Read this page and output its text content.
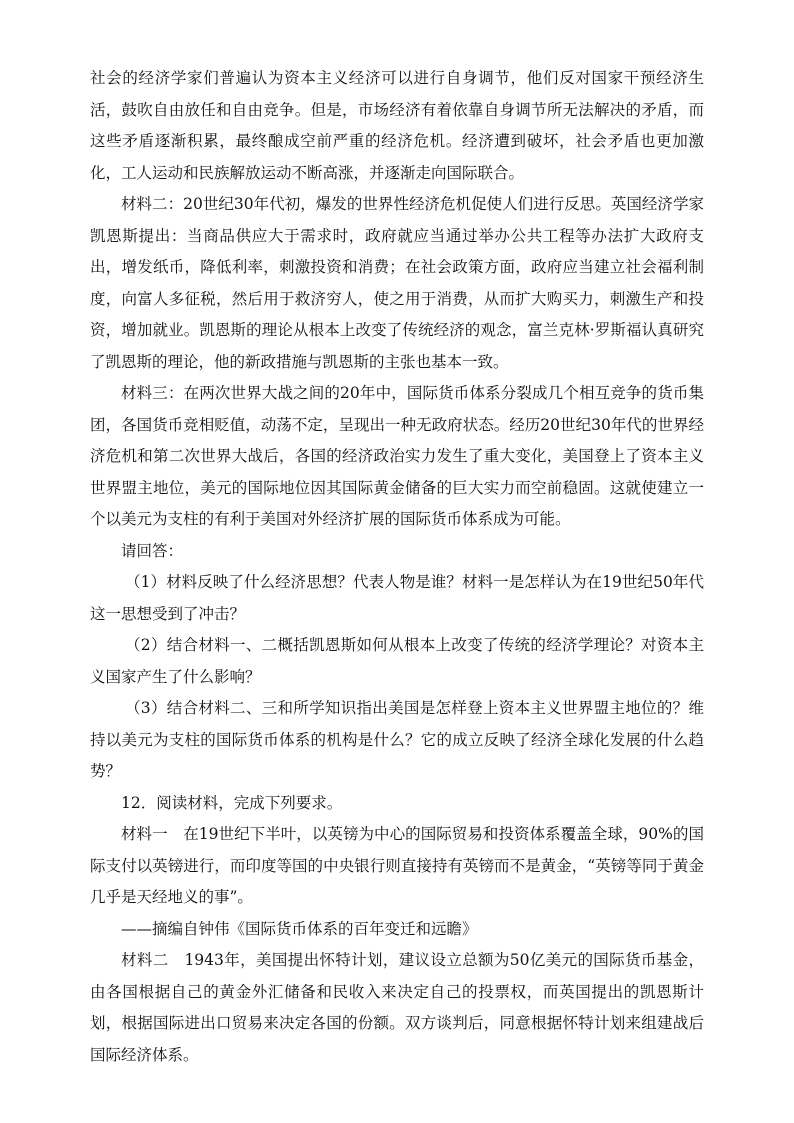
社会的经济学家们普遍认为资本主义经济可以进行自身调节，他们反对国家干预经济生活，鼓吹自由放任和自由竞争。但是，市场经济有着依靠自身调节所无法解决的矛盾，而这些矛盾逐渐积累，最终酿成空前严重的经济危机。经济遭到破坏，社会矛盾也更加激化，工人运动和民族解放运动不断高涨，并逐渐走向国际联合。

材料二：20世纪30年代初，爆发的世界性经济危机促使人们进行反思。英国经济学家凯恩斯提出：当商品供应大于需求时，政府就应当通过举办公共工程等办法扩大政府支出，增发纸币，降低利率，刺激投资和消费；在社会政策方面，政府应当建立社会福利制度，向富人多征税，然后用于救济穷人，使之用于消费，从而扩大购买力，刺激生产和投资，增加就业。凯恩斯的理论从根本上改变了传统经济的观念，富兰克林·罗斯福认真研究了凯恩斯的理论，他的新政措施与凯恩斯的主张也基本一致。

材料三：在两次世界大战之间的20年中，国际货币体系分裂成几个相互竞争的货币集团，各国货币竞相贬值，动荡不定，呈现出一种无政府状态。经历20世纪30年代的世界经济危机和第二次世界大战后，各国的经济政治实力发生了重大变化，美国登上了资本主义世界盟主地位，美元的国际地位因其国际黄金储备的巨大实力而空前稳固。这就使建立一个以美元为支柱的有利于美国对外经济扩展的国际货币体系成为可能。

请回答：

（1）材料反映了什么经济思想？代表人物是谁？材料一是怎样认为在19世纪50年代这一思想受到了冲击？

（2）结合材料一、二概括凯恩斯如何从根本上改变了传统的经济学理论？对资本主义国家产生了什么影响？

（3）结合材料二、三和所学知识指出美国是怎样登上资本主义世界盟主地位的？维持以美元为支柱的国际货币体系的机构是什么？它的成立反映了经济全球化发展的什么趋势？

12．阅读材料，完成下列要求。

材料一　在19世纪下半叶，以英镑为中心的国际贸易和投资体系覆盖全球，90%的国际支付以英镑进行，而印度等国的中央银行则直接持有英镑而不是黄金，“英镑等同于黄金几乎是天经地义的事”。

——摘编自钟伟《国际货币体系的百年变迁和远瞻》

材料二　1943年，美国提出怀特计划，建议设立总额为50亿美元的国际货币基金，由各国根据自己的黄金外汇储备和民收入来决定自己的投票权，而英国提出的凯恩斯计划，根据国际进出口贸易来决定各国的份额。双方谈判后，同意根据怀特计划来组建战后国际经济体系。
